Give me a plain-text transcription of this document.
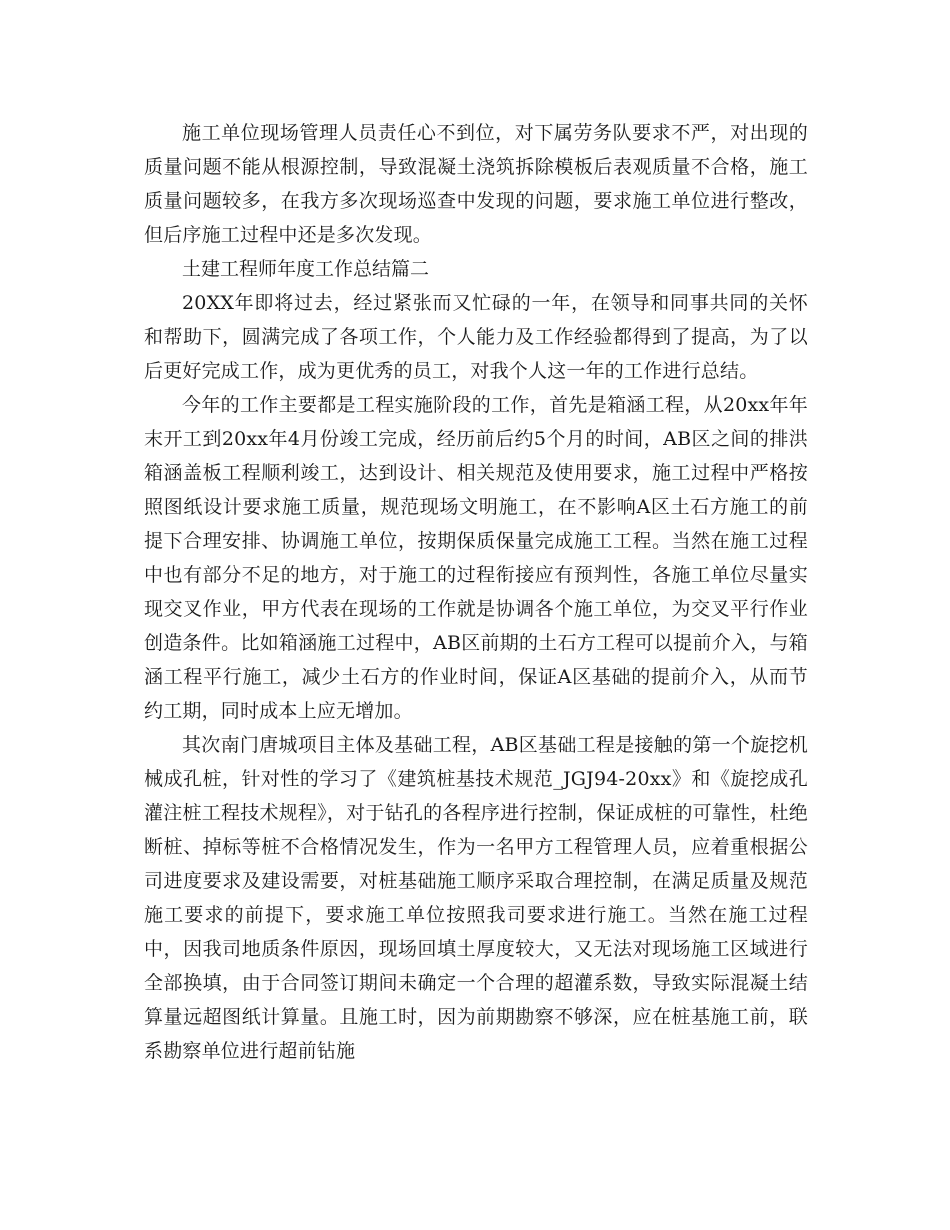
施工单位现场管理人员责任心不到位，对下属劳务队要求不严，对出现的质量问题不能从根源控制，导致混凝土浇筑拆除模板后表观质量不合格，施工质量问题较多，在我方多次现场巡查中发现的问题，要求施工单位进行整改，但后序施工过程中还是多次发现。

土建工程师年度工作总结篇二

20XX年即将过去，经过紧张而又忙碌的一年，在领导和同事共同的关怀和帮助下，圆满完成了各项工作，个人能力及工作经验都得到了提高，为了以后更好完成工作，成为更优秀的员工，对我个人这一年的工作进行总结。

今年的工作主要都是工程实施阶段的工作，首先是箱涵工程，从20xx年年末开工到20xx年4月份竣工完成，经历前后约5个月的时间，AB区之间的排洪箱涵盖板工程顺利竣工，达到设计、相关规范及使用要求，施工过程中严格按照图纸设计要求施工质量，规范现场文明施工，在不影响A区土石方施工的前提下合理安排、协调施工单位，按期保质保量完成施工工程。当然在施工过程中也有部分不足的地方，对于施工的过程衔接应有预判性，各施工单位尽量实现交叉作业，甲方代表在现场的工作就是协调各个施工单位，为交叉平行作业创造条件。比如箱涵施工过程中，AB区前期的土石方工程可以提前介入，与箱涵工程平行施工，减少土石方的作业时间，保证A区基础的提前介入，从而节约工期，同时成本上应无增加。

其次南门唐城项目主体及基础工程，AB区基础工程是接触的第一个旋挖机械成孔桩，针对性的学习了《建筑桩基技术规范_JGJ94-20xx》和《旋挖成孔灌注桩工程技术规程》，对于钻孔的各程序进行控制，保证成桩的可靠性，杜绝断桩、掉标等桩不合格情况发生，作为一名甲方工程管理人员，应着重根据公司进度要求及建设需要，对桩基础施工顺序采取合理控制，在满足质量及规范施工要求的前提下，要求施工单位按照我司要求进行施工。当然在施工过程中，因我司地质条件原因，现场回填土厚度较大，又无法对现场施工区域进行全部换填，由于合同签订期间未确定一个合理的超灌系数，导致实际混凝土结算量远超图纸计算量。且施工时，因为前期勘察不够深，应在桩基施工前，联系勘察单位进行超前钻施
